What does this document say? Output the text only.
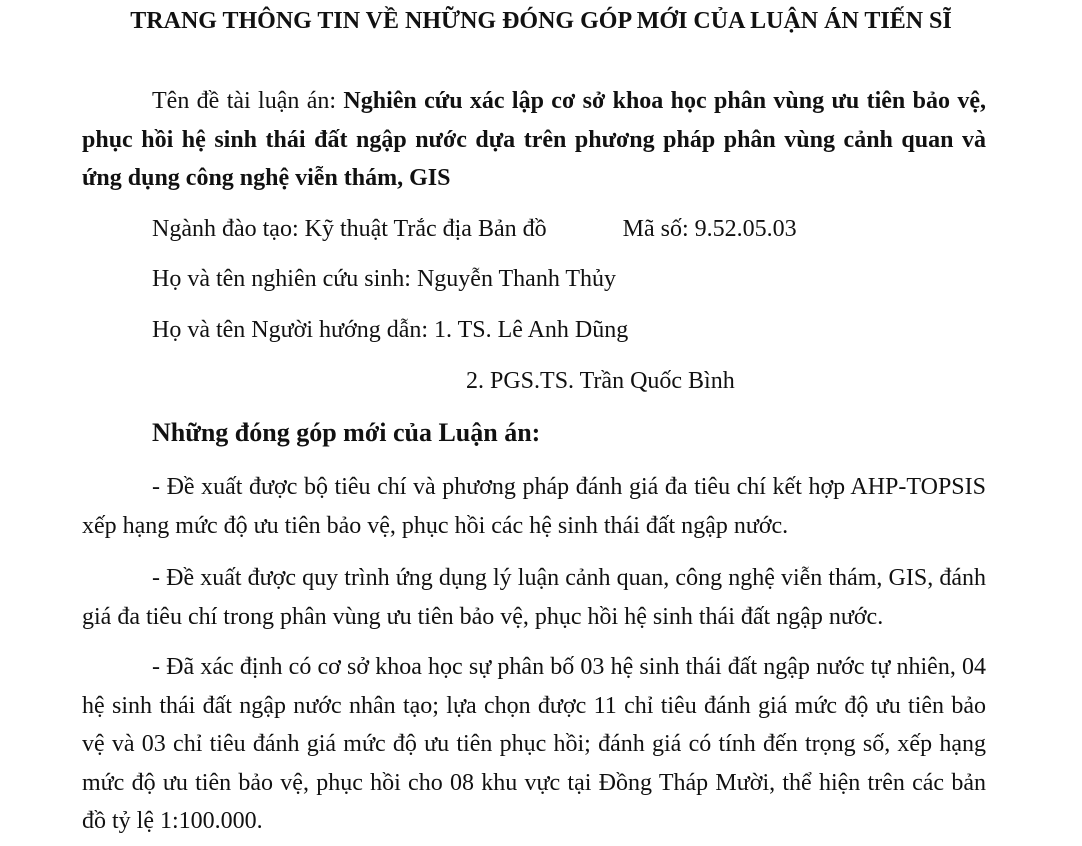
TRANG THÔNG TIN VỀ NHỮNG ĐÓNG GÓP MỚI CỦA LUẬN ÁN TIẾN SĨ
Tên đề tài luận án: Nghiên cứu xác lập cơ sở khoa học phân vùng ưu tiên bảo vệ, phục hồi hệ sinh thái đất ngập nước dựa trên phương pháp phân vùng cảnh quan và ứng dụng công nghệ viễn thám, GIS
Ngành đào tạo: Kỹ thuật Trắc địa Bản đồ	Mã số: 9.52.05.03
Họ và tên nghiên cứu sinh: Nguyễn Thanh Thủy
Họ và tên Người hướng dẫn: 1. TS. Lê Anh Dũng
2. PGS.TS. Trần Quốc Bình
Những đóng góp mới của Luận án:
- Đề xuất được bộ tiêu chí và phương pháp đánh giá đa tiêu chí kết hợp AHP-TOPSIS xếp hạng mức độ ưu tiên bảo vệ, phục hồi các hệ sinh thái đất ngập nước.
- Đề xuất được quy trình ứng dụng lý luận cảnh quan, công nghệ viễn thám, GIS, đánh giá đa tiêu chí trong phân vùng ưu tiên bảo vệ, phục hồi hệ sinh thái đất ngập nước.
- Đã xác định có cơ sở khoa học sự phân bố 03 hệ sinh thái đất ngập nước tự nhiên, 04 hệ sinh thái đất ngập nước nhân tạo; lựa chọn được 11 chỉ tiêu đánh giá mức độ ưu tiên bảo vệ và 03 chỉ tiêu đánh giá mức độ ưu tiên phục hồi; đánh giá có tính đến trọng số, xếp hạng mức độ ưu tiên bảo vệ, phục hồi cho 08 khu vực tại Đồng Tháp Mười, thể hiện trên các bản đồ tỷ lệ 1:100.000.
